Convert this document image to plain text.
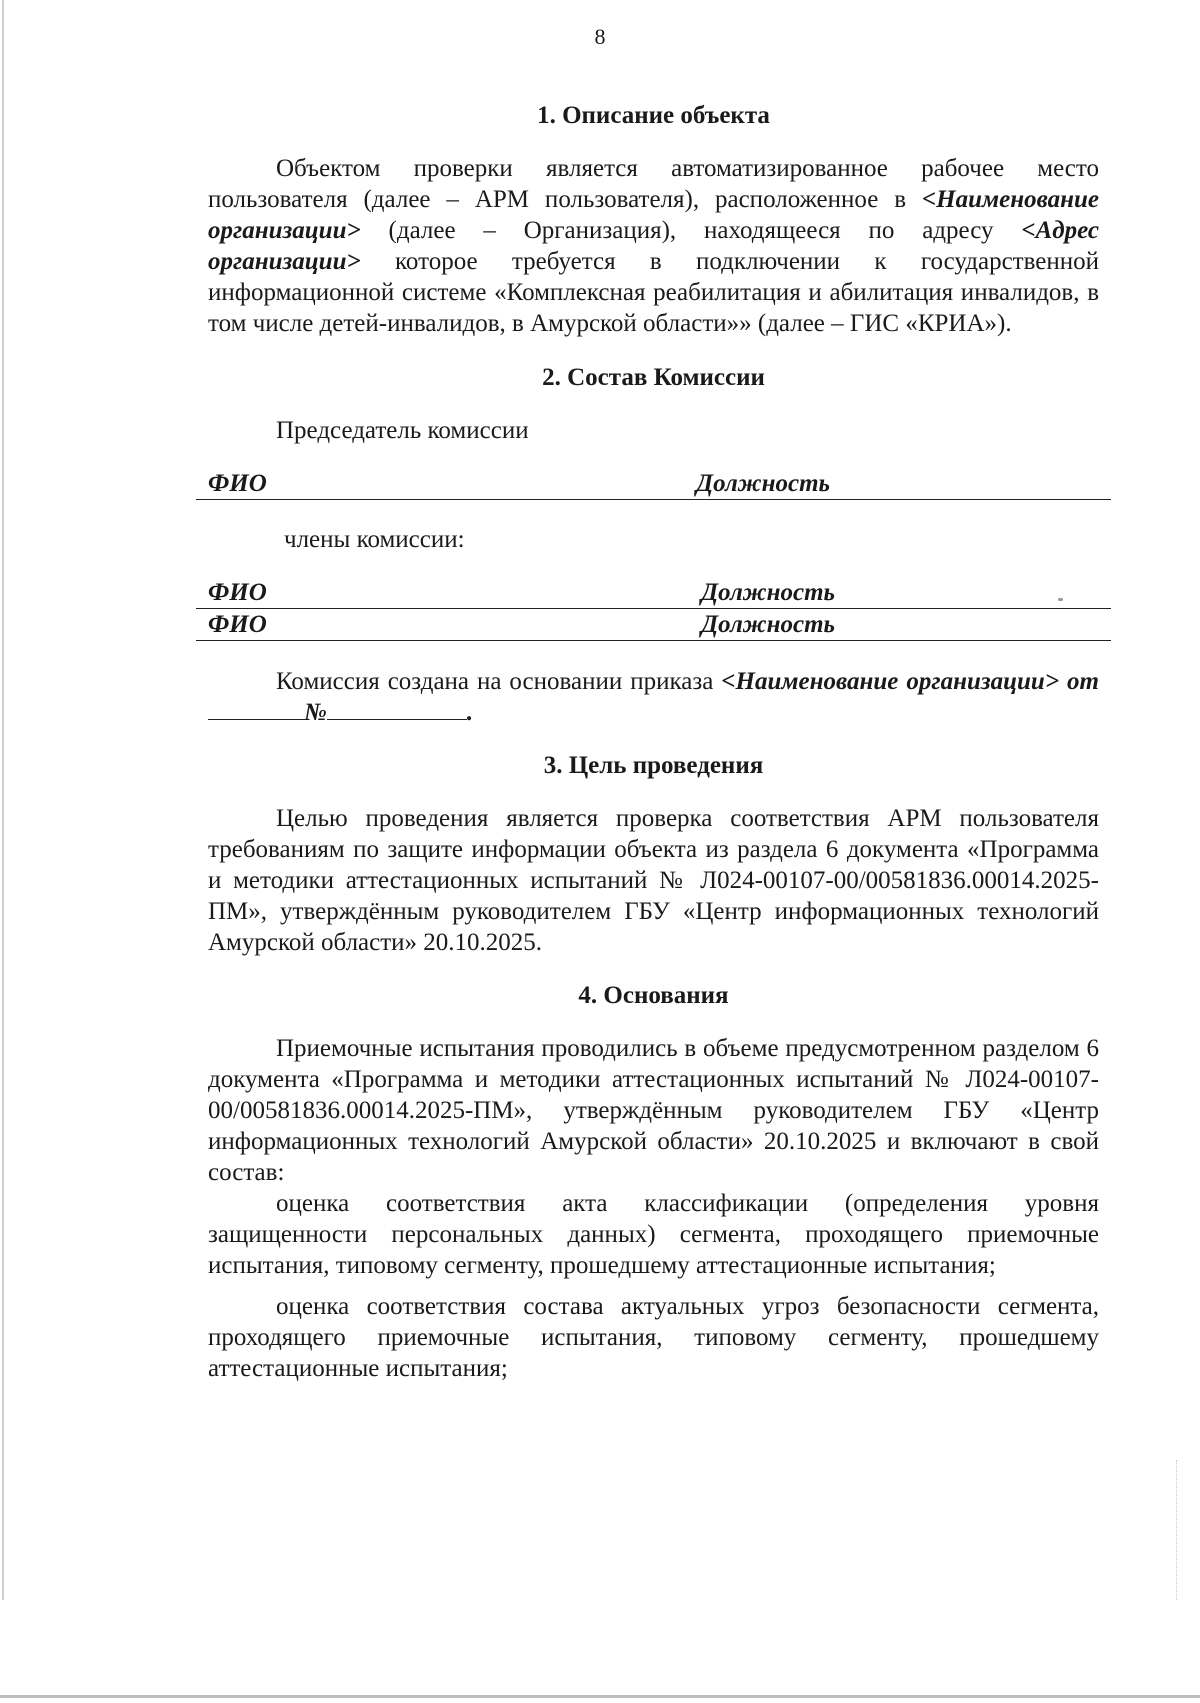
8

1. Описание объекта

Объектом проверки является автоматизированное рабочее место пользователя (далее – АРМ пользователя), расположенное в <Наименование организации> (далее – Организация), находящееся по адресу <Адрес организации> которое требуется в подключении к государственной информационной системе «Комплексная реабилитация и абилитация инвалидов, в том числе детей-инвалидов, в Амурской области»» (далее – ГИС «КРИА»).

2. Состав Комиссии

Председатель комиссии

ФИО	Должность

члены комиссии:

ФИО	Должность
ФИО	Должность

Комиссия создана на основании приказа <Наименование организации> от №	.

3. Цель проведения

Целью проведения является проверка соответствия АРМ пользователя требованиям по защите информации объекта из раздела 6 документа «Программа и методики аттестационных испытаний № Л024-00107-00/00581836.00014.2025-ПМ», утверждённым руководителем ГБУ «Центр информационных технологий Амурской области» 20.10.2025.

4. Основания

Приемочные испытания проводились в объеме предусмотренном разделом 6 документа «Программа и методики аттестационных испытаний № Л024-00107-00/00581836.00014.2025-ПМ», утверждённым руководителем ГБУ «Центр информационных технологий Амурской области» 20.10.2025 и включают в свой состав:

оценка соответствия акта классификации (определения уровня защищенности персональных данных) сегмента, проходящего приемочные испытания, типовому сегменту, прошедшему аттестационные испытания;

оценка соответствия состава актуальных угроз безопасности сегмента, проходящего приемочные испытания, типовому сегменту, прошедшему аттестационные испытания;
